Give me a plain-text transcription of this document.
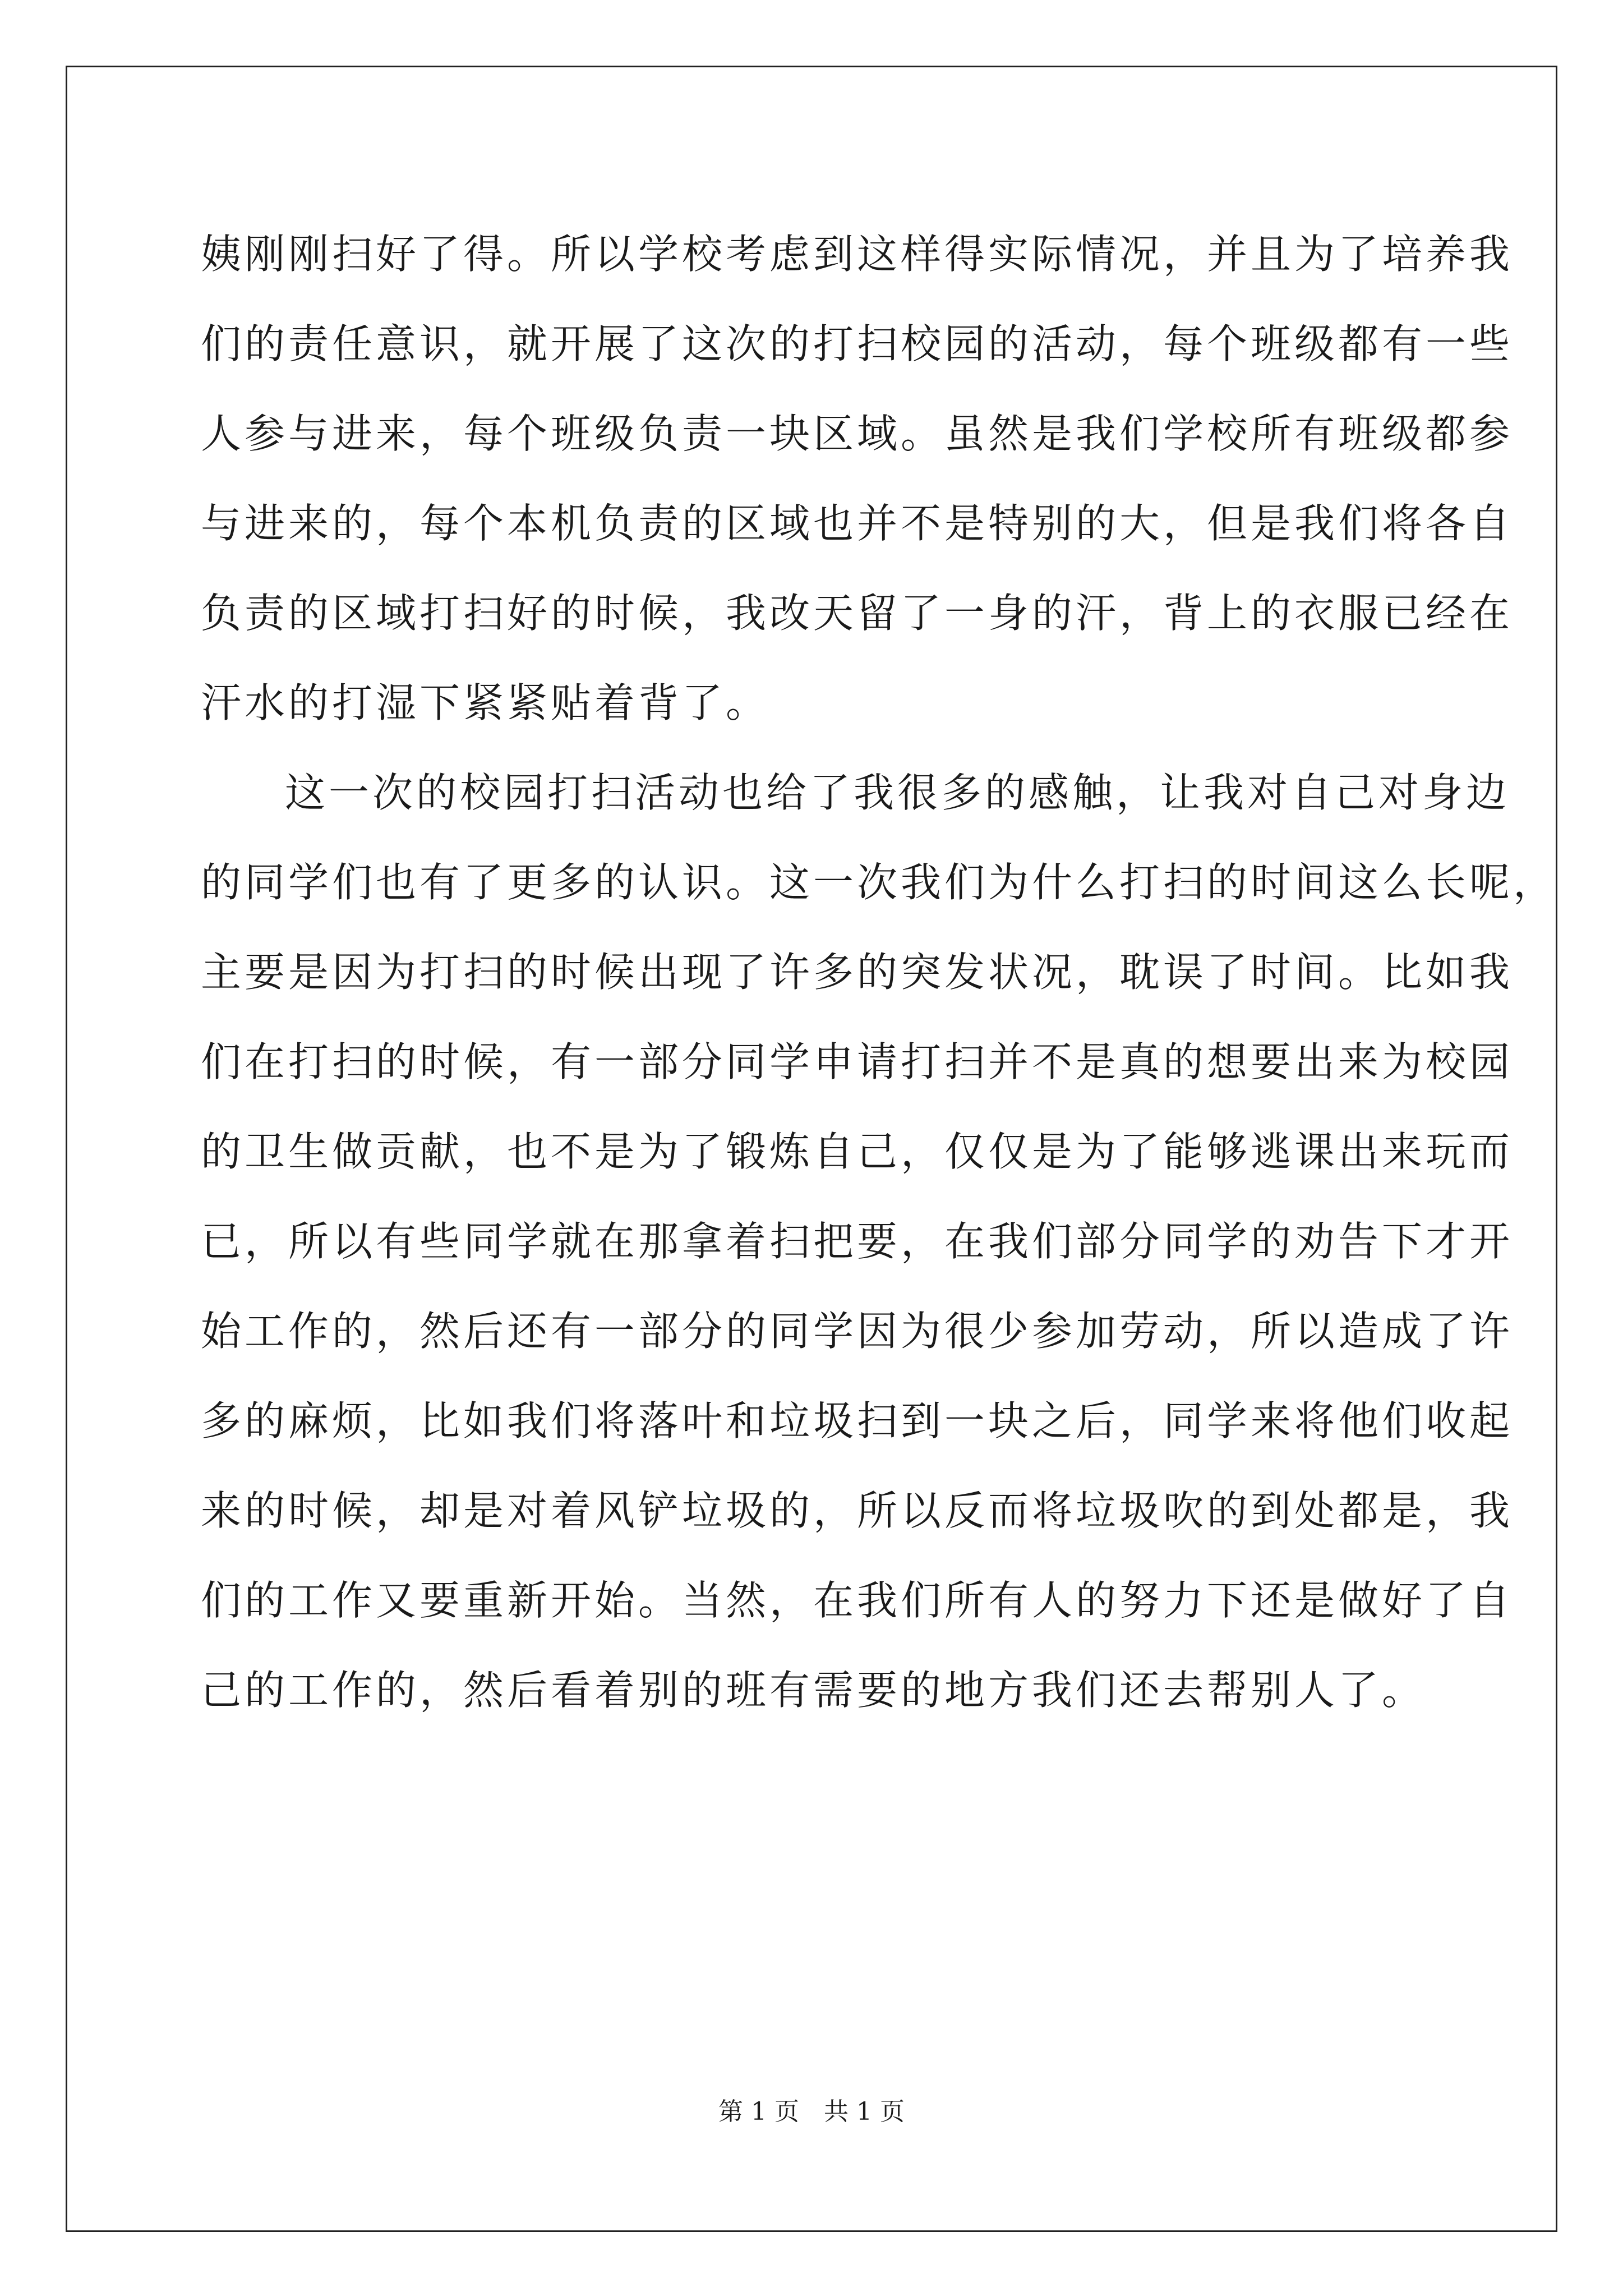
姨刚刚扫好了得。所以学校考虑到这样得实际情况，并且为了培养我
们的责任意识，就开展了这次的打扫校园的活动，每个班级都有一些
人参与进来，每个班级负责一块区域。虽然是我们学校所有班级都参
与进来的，每个本机负责的区域也并不是特别的大，但是我们将各自
负责的区域打扫好的时候，我改天留了一身的汗，背上的衣服已经在
汗水的打湿下紧紧贴着背了。
这一次的校园打扫活动也给了我很多的感触，让我对自己对身边
的同学们也有了更多的认识。这一次我们为什么打扫的时间这么长呢，
主要是因为打扫的时候出现了许多的突发状况，耽误了时间。比如我
们在打扫的时候，有一部分同学申请打扫并不是真的想要出来为校园
的卫生做贡献，也不是为了锻炼自己，仅仅是为了能够逃课出来玩而
已，所以有些同学就在那拿着扫把要，在我们部分同学的劝告下才开
始工作的，然后还有一部分的同学因为很少参加劳动，所以造成了许
多的麻烦，比如我们将落叶和垃圾扫到一块之后，同学来将他们收起
来的时候，却是对着风铲垃圾的，所以反而将垃圾吹的到处都是，我
们的工作又要重新开始。当然，在我们所有人的努力下还是做好了自
己的工作的，然后看着别的班有需要的地方我们还去帮别人了。
第 1 页　共 1 页
